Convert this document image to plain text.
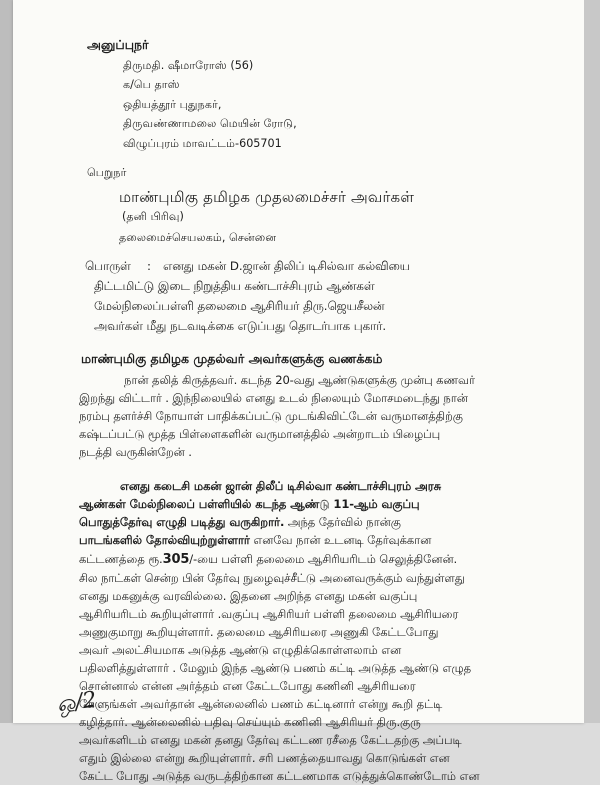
அனுப்புநர்
திருமதி. ஷீமாரோஸ் (56)
க/பெ தாஸ்
ஒதியத்தூர் புதுநகர்,
திருவண்ணாமலை மெயின் ரோடு,
விழுப்புரம் மாவட்டம்-605701
பெறுநர்
மாண்புமிகு தமிழக முதலமைச்சர் அவர்கள்
(தனி பிரிவு)
தலைமைச்செயலகம், சென்னை
பொருள் : எனது மகன் D.ஜான் திலிப் டிசில்வா கல்வியை
திட்டமிட்டு இடை நிறுத்திய கண்டாச்சிபுரம் ஆண்கள்
மேல்நிலைப்பள்ளி தலைமை ஆசிரியர் திரு.ஜெயசீலன்
அவர்கள் மீது நடவடிக்கை எடுப்பது தொடர்பாக புகார்.
மாண்புமிகு தமிழக முதல்வர் அவர்களுக்கு வணக்கம்
நான் தலித் கிருத்தவர். கடந்த 20-வது ஆண்டுகளுக்கு முன்பு கணவர்
இறந்து விட்டார் . இந்நிலையில் எனது உடல் நிலையும் மோசமடைந்து நான்
நரம்பு தளர்ச்சி நோயாள் பாதிக்கப்பட்டு முடங்கிவிட்டேன் வருமானத்திற்கு
கஷ்டப்பட்டு மூத்த பிள்ளைகளின் வருமானத்தில் அன்றாடம் பிழைப்பு
நடத்தி வருகின்றேன் .
எனது கடைசி மகன் ஜான் திலீப் டிசில்வா கண்டாச்சிபுரம் அரசு
ஆண்கள் மேல்நிலைப் பள்ளியில் கடந்த ஆண்டு 11-ஆம் வகுப்பு
பொதுத்தேர்வு எழுதி படித்து வருகிறார். அந்த தேர்வில் நான்கு
பாடங்களில் தோல்வியுற்றுள்ளார் எனவே நான் உடனடி தேர்வுக்கான
கட்டணத்தை ரூ.305/-யை பள்ளி தலைமை ஆசிரியரிடம் செலுத்தினேன்.
சில நாட்கள் சென்ற பின் தேர்வு நுழைவுச்சீட்டு அனைவருக்கும் வந்துள்ளது
எனது மகனுக்கு வரவில்லை. இதனை அறிந்த எனது மகன் வகுப்பு
ஆசிரியரிடம் கூறியுள்ளார் .வகுப்பு ஆசிரியர் பள்ளி தலைமை ஆசிரியரை
அணுகுமாறு கூறியுள்ளார். தலைமை ஆசிரியரை அணுகி கேட்டபோது
அவர் அலட்சியமாக அடுத்த ஆண்டு எழுதிக்கொள்ளலாம் என
பதிலளித்துள்ளார் . மேலும் இந்த ஆண்டு பணம் கட்டி அடுத்த ஆண்டு எழுத
சொன்னால் என்ன அர்த்தம் என கேட்டபோது கணினி ஆசிரியரை
கேளுங்கள் அவர்தான் ஆன்லைனில் பணம் கட்டினார் என்று கூறி தட்டி
கழித்தார். ஆன்லைனில் பதிவு செய்யும் கணினி ஆசிரியர் திரு.குரு
அவர்களிடம் எனது மகன் தனது தேர்வு கட்டண ரசீதை கேட்டதற்கு அப்படி
எதும் இல்லை என்று கூறியுள்ளார். சரி பணத்தையாவது கொடுங்கள் என
கேட்ட போது அடுத்த வருடத்திற்கான கட்டணமாக எடுத்துக்கொண்டோம் என
ஒ/2
